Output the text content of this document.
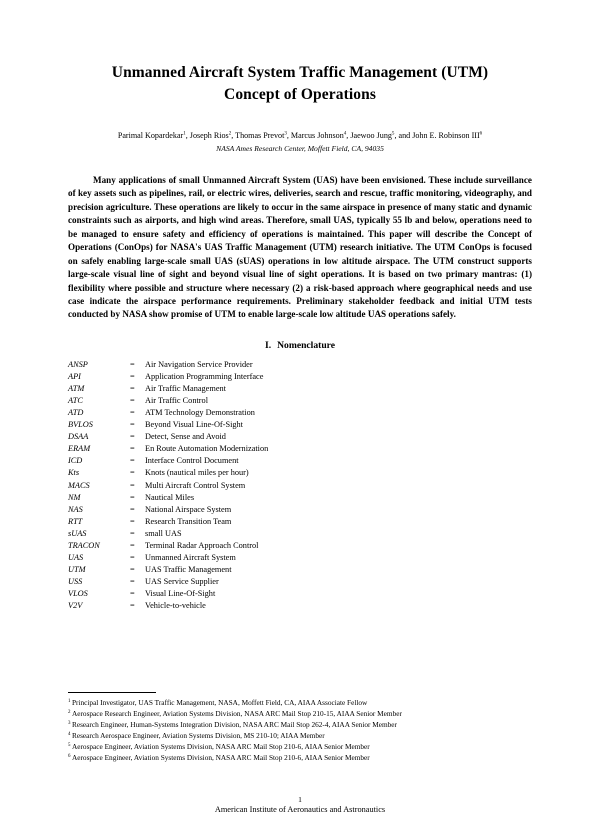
Unmanned Aircraft System Traffic Management (UTM)
Concept of Operations
Parimal Kopardekar$^1$, Joseph Rios$^2$, Thomas Prevot$^3$, Marcus Johnson$^4$, Jaewoo Jung$^5$, and John E. Robinson III$^6$
NASA Ames Research Center, Moffett Field, CA, 94035

Many applications of small Unmanned Aircraft System (UAS) have been envisioned. These include surveillance of key assets such as pipelines, rail, or electric wires, deliveries, search and rescue, traffic monitoring, videography, and precision agriculture. These operations are likely to occur in the same airspace in presence of many static and dynamic constraints such as airports, and high wind areas. Therefore, small UAS, typically 55 lb and below, operations need to be managed to ensure safety and efficiency of operations is maintained. This paper will describe the Concept of Operations (ConOps) for NASA's UAS Traffic Management (UTM) research initiative. The UTM ConOps is focused on safely enabling large-scale small UAS (sUAS) operations in low altitude airspace. The UTM construct supports large-scale visual line of sight and beyond visual line of sight operations. It is based on two primary mantras: (1) flexibility where possible and structure where necessary (2) a risk-based approach where geographical needs and use case indicate the airspace performance requirements. Preliminary stakeholder feedback and initial UTM tests conducted by NASA show promise of UTM to enable large-scale low altitude UAS operations safely.

I. Nomenclature
ANSP	=	Air Navigation Service Provider
API	=	Application Programming Interface
ATM	=	Air Traffic Management
ATC	=	Air Traffic Control
ATD	=	ATM Technology Demonstration
BVLOS	=	Beyond Visual Line-Of-Sight
DSAA	=	Detect, Sense and Avoid
ERAM	=	En Route Automation Modernization
ICD	=	Interface Control Document
Kts	=	Knots (nautical miles per hour)
MACS	=	Multi Aircraft Control System
NM	=	Nautical Miles
NAS	=	National Airspace System
RTT	=	Research Transition Team
sUAS	=	small UAS
TRACON	=	Terminal Radar Approach Control
UAS	=	Unmanned Aircraft System
UTM	=	UAS Traffic Management
USS	=	UAS Service Supplier
VLOS	=	Visual Line-Of-Sight
V2V	=	Vehicle-to-vehicle
$^1$ Principal Investigator, UAS Traffic Management, NASA, Moffett Field, CA, AIAA Associate Fellow
$^2$ Aerospace Research Engineer, Aviation Systems Division, NASA ARC Mail Stop 210-15, AIAA Senior Member
$^3$ Research Engineer, Human-Systems Integration Division, NASA ARC Mail Stop 262-4, AIAA Senior Member
$^4$ Research Aerospace Engineer, Aviation Systems Division, MS 210-10; AIAA Member
$^5$ Aerospace Engineer, Aviation Systems Division, NASA ARC Mail Stop 210-6, AIAA Senior Member
$^6$ Aerospace Engineer, Aviation Systems Division, NASA ARC Mail Stop 210-6, AIAA Senior Member
1
American Institute of Aeronautics and Astronautics
